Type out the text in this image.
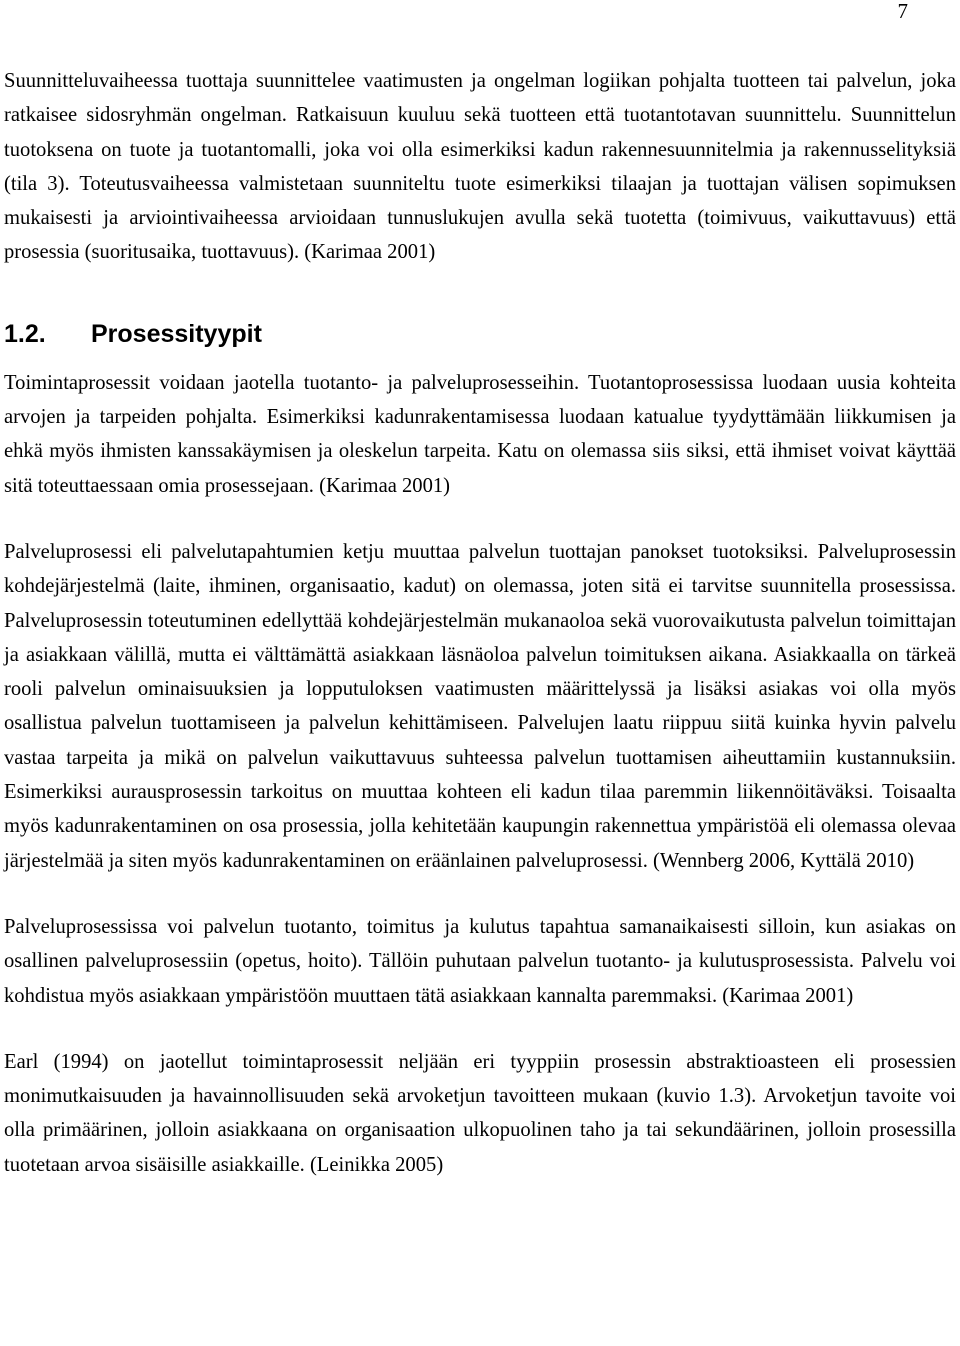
7

Suunnitteluvaiheessa tuottaja suunnittelee vaatimusten ja ongelman logiikan pohjalta tuotteen tai palvelun, joka ratkaisee sidosryhmän ongelman. Ratkaisuun kuuluu sekä tuotteen että tuotantotavan suunnittelu. Suunnittelun tuotoksena on tuote ja tuotantomalli, joka voi olla esimerkiksi kadun rakennesuunnitelmia ja rakennusselityksiä (tila 3). Toteutusvaiheessa valmistetaan suunniteltu tuote esimerkiksi tilaajan ja tuottajan välisen sopimuksen mukaisesti ja arviointivaiheessa arvioidaan tunnuslukujen avulla sekä tuotetta (toimivuus, vaikuttavuus) että prosessia (suoritusaika, tuottavuus). (Karimaa 2001)

1.2.	Prosessityypit

Toimintaprosessit voidaan jaotella tuotanto- ja palveluprosesseihin. Tuotantoprosessissa luodaan uusia kohteita arvojen ja tarpeiden pohjalta. Esimerkiksi kadunrakentamisessa luodaan katualue tyydyttämään liikkumisen ja ehkä myös ihmisten kanssakäymisen ja oleskelun tarpeita. Katu on olemassa siis siksi, että ihmiset voivat käyttää sitä toteuttaessaan omia prosessejaan. (Karimaa 2001)

Palveluprosessi eli palvelutapahtumien ketju muuttaa palvelun tuottajan panokset tuotoksiksi. Palveluprosessin kohdejärjestelmä (laite, ihminen, organisaatio, kadut) on olemassa, joten sitä ei tarvitse suunnitella prosessissa. Palveluprosessin toteutuminen edellyttää kohdejärjestelmän mukanaoloa sekä vuorovaikutusta palvelun toimittajan ja asiakkaan välillä, mutta ei välttämättä asiakkaan läsnäoloa palvelun toimituksen aikana. Asiakkaalla on tärkeä rooli palvelun ominaisuuksien ja lopputuloksen vaatimusten määrittelyssä ja lisäksi asiakas voi olla myös osallistua palvelun tuottamiseen ja palvelun kehittämiseen. Palvelujen laatu riippuu siitä kuinka hyvin palvelu vastaa tarpeita ja mikä on palvelun vaikuttavuus suhteessa palvelun tuottamisen aiheuttamiin kustannuksiin. Esimerkiksi aurausprosessin tarkoitus on muuttaa kohteen eli kadun tilaa paremmin liikennöitäväksi. Toisaalta myös kadunrakentaminen on osa prosessia, jolla kehitetään kaupungin rakennettua ympäristöä eli olemassa olevaa järjestelmää ja siten myös kadunrakentaminen on eräänlainen palveluprosessi. (Wennberg 2006, Kyttälä 2010)

Palveluprosessissa voi palvelun tuotanto, toimitus ja kulutus tapahtua samanaikaisesti silloin, kun asiakas on osallinen palveluprosessiin (opetus, hoito). Tällöin puhutaan palvelun tuotanto- ja kulutusprosessista. Palvelu voi kohdistua myös asiakkaan ympäristöön muuttaen tätä asiakkaan kannalta paremmaksi. (Karimaa 2001)

Earl (1994) on jaotellut toimintaprosessit neljään eri tyyppiin prosessin abstraktioasteen eli prosessien monimutkaisuuden ja havainnollisuuden sekä arvoketjun tavoitteen mukaan (kuvio 1.3). Arvoketjun tavoite voi olla primäärinen, jolloin asiakkaana on organisaation ulkopuolinen taho ja tai sekundäärinen, jolloin prosessilla tuotetaan arvoa sisäisille asiakkaille. (Leinikka 2005)
